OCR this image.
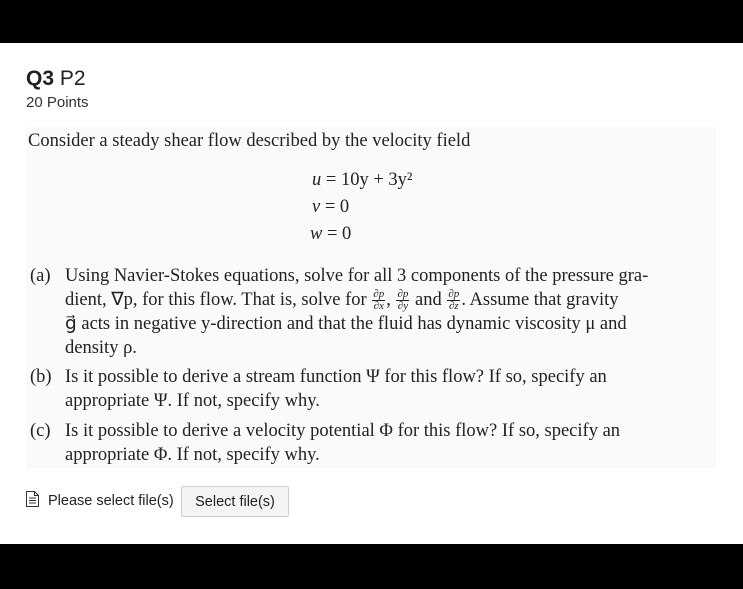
Q3 P2
20 Points
Consider a steady shear flow described by the velocity field
u = 10y + 3y²
v = 0
w = 0
(a) Using Navier-Stokes equations, solve for all 3 components of the pressure gra-
dient, ∇p, for this flow. That is, solve for $\frac{\partial p}{\partial x}$ , $\frac{\partial p}{\partial y}$ and $\frac{\partial p}{\partial z}$ . Assume that gravity
g⃗ acts in negative y-direction and that the fluid has dynamic viscosity μ and
density ρ.
(b) Is it possible to derive a stream function Ψ for this flow? If so, specify an
appropriate Ψ. If not, specify why.
(c) Is it possible to derive a velocity potential Φ for this flow? If so, specify an
appropriate Φ. If not, specify why.
Please select file(s)	Select file(s)
